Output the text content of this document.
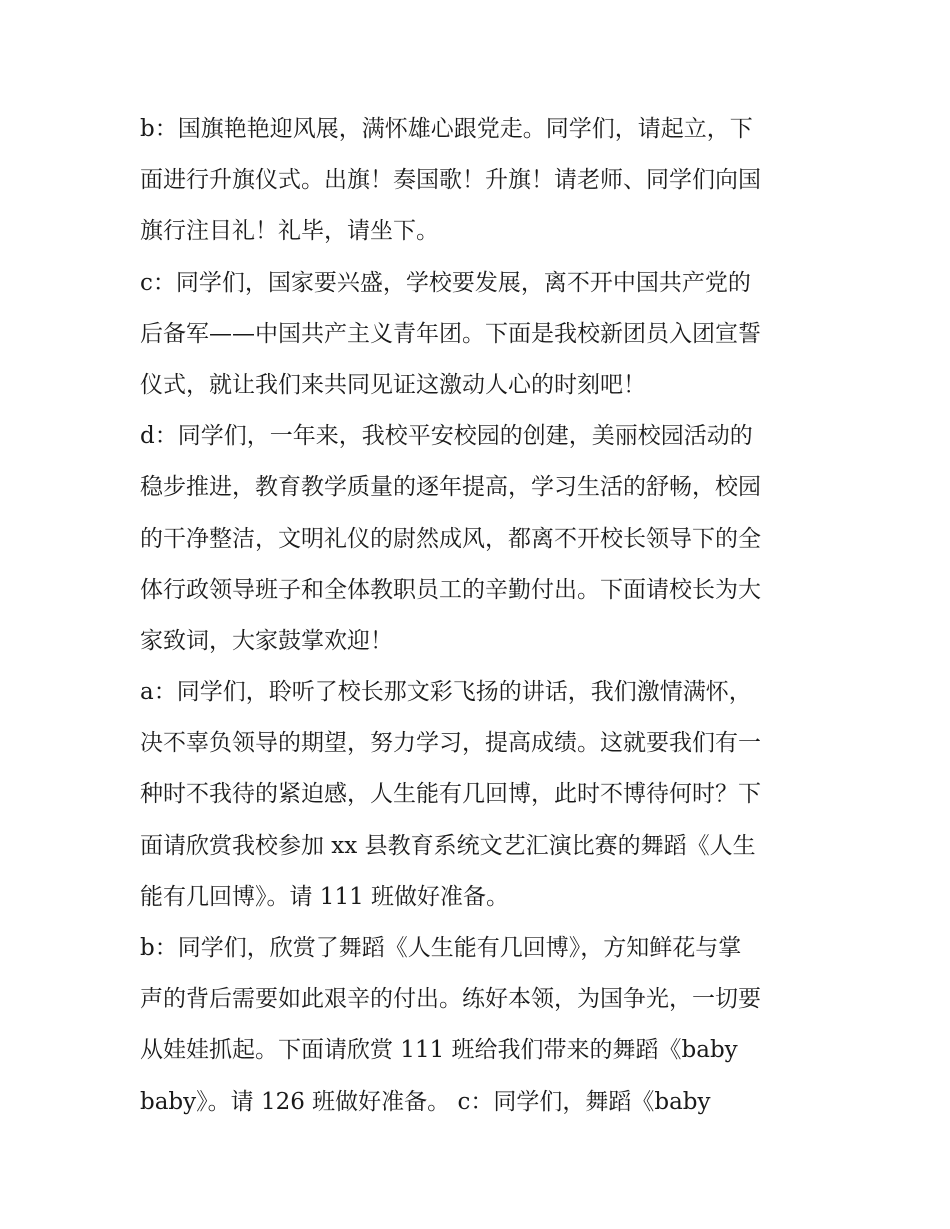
b：国旗艳艳迎风展，满怀雄心跟党走。同学们，请起立，下
面进行升旗仪式。出旗！奏国歌！升旗！请老师、同学们向国
旗行注目礼！礼毕，请坐下。
c：同学们，国家要兴盛，学校要发展，离不开中国共产党的
后备军——中国共产主义青年团。下面是我校新团员入团宣誓
仪式，就让我们来共同见证这激动人心的时刻吧！
d：同学们，一年来，我校平安校园的创建，美丽校园活动的
稳步推进，教育教学质量的逐年提高，学习生活的舒畅，校园
的干净整洁，文明礼仪的尉然成风，都离不开校长领导下的全
体行政领导班子和全体教职员工的辛勤付出。下面请校长为大
家致词，大家鼓掌欢迎！
a：同学们，聆听了校长那文彩飞扬的讲话，我们激情满怀，
决不辜负领导的期望，努力学习，提高成绩。这就要我们有一
种时不我待的紧迫感，人生能有几回博，此时不博待何时？下
面请欣赏我校参加 xx 县教育系统文艺汇演比赛的舞蹈《人生
能有几回博》。请 111 班做好准备。
b：同学们，欣赏了舞蹈《人生能有几回博》，方知鲜花与掌
声的背后需要如此艰辛的付出。练好本领，为国争光，一切要
从娃娃抓起。下面请欣赏 111 班给我们带来的舞蹈《baby
baby》。请 126 班做好准备。 c：同学们，舞蹈《baby
